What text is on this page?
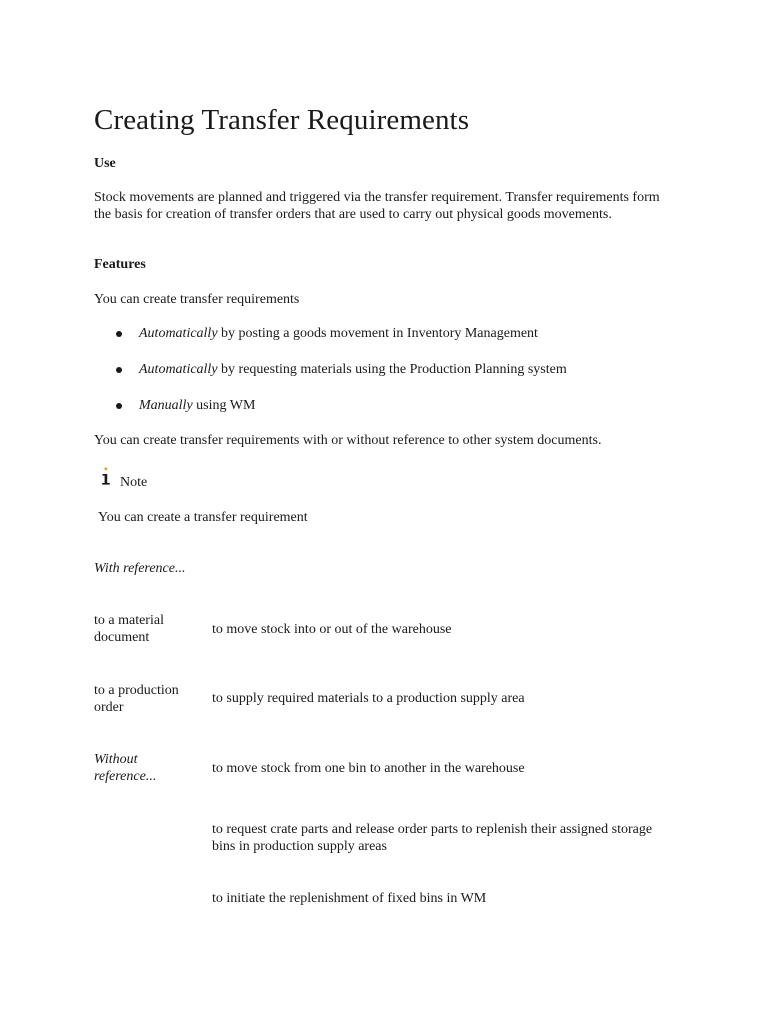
Creating Transfer Requirements
Use

Stock movements are planned and triggered via the transfer requirement. Transfer requirements form the basis for creation of transfer orders that are used to carry out physical goods movements.

Features

You can create transfer requirements

Automatically by posting a goods movement in Inventory Management
Automatically by requesting materials using the Production Planning system
Manually using WM

You can create transfer requirements with or without reference to other system documents.

Note

You can create a transfer requirement

With reference...

to a material document
to move stock into or out of the warehouse
to a production order
to supply required materials to a production supply area
Without reference...
to move stock from one bin to another in the warehouse
to request crate parts and release order parts to replenish their assigned storage bins in production supply areas
to initiate the replenishment of fixed bins in WM
